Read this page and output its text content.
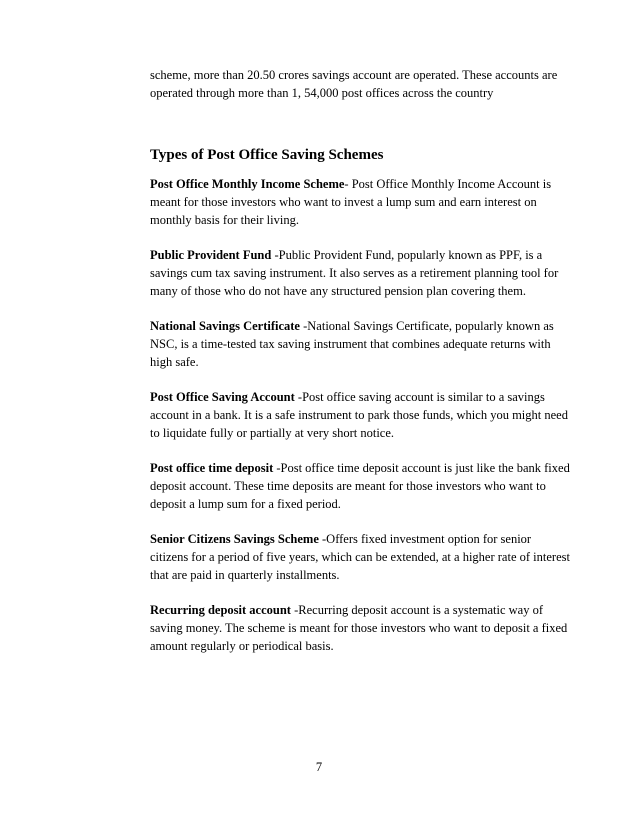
scheme, more than 20.50 crores savings account are operated. These accounts are operated through more than 1, 54,000 post offices across the country

Types of Post Office Saving Schemes

Post Office Monthly Income Scheme- Post Office Monthly Income Account is meant for those investors who want to invest a lump sum and earn interest on monthly basis for their living.

Public Provident Fund -Public Provident Fund, popularly known as PPF, is a savings cum tax saving instrument. It also serves as a retirement planning tool for many of those who do not have any structured pension plan covering them.

National Savings Certificate -National Savings Certificate, popularly known as NSC, is a time-tested tax saving instrument that combines adequate returns with high safe.

Post Office Saving Account -Post office saving account is similar to a savings account in a bank. It is a safe instrument to park those funds, which you might need to liquidate fully or partially at very short notice.

Post office time deposit -Post office time deposit account is just like the bank fixed deposit account. These time deposits are meant for those investors who want to deposit a lump sum for a fixed period.

Senior Citizens Savings Scheme -Offers fixed investment option for senior citizens for a period of five years, which can be extended, at a higher rate of interest that are paid in quarterly installments.

Recurring deposit account -Recurring deposit account is a systematic way of saving money. The scheme is meant for those investors who want to deposit a fixed amount regularly or periodical basis.

7
